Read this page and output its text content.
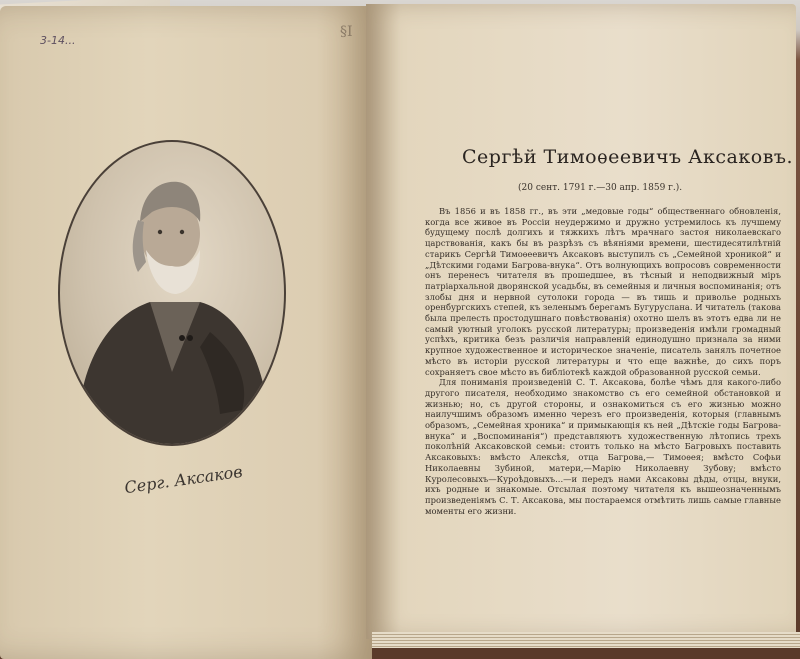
3-14...
§I
Серг. Аксаков
Сергѣй Тимоѳеевичъ Аксаковъ.
(20 сент. 1791 г.—30 апр. 1859 г.).

Въ 1856 и въ 1858 гг., въ эти „медовые годы“ общественнаго обновленія, когда все живое въ Россіи неудержимо и дружно устремилось къ лучшему будущему послѣ долгихъ и тяжкихъ лѣтъ мрачнаго застоя николаевскаго царствованія, какъ бы въ разрѣзъ съ вѣяніями времени, шестидесятилѣтній старикъ Сергѣй Тимоѳеевичъ Аксаковъ выступилъ съ „Семейной хроникой“ и „Дѣтскими годами Багрова-внука“. Отъ волнующихъ вопросовъ современности онъ перенесъ читателя въ прошедшее, въ тѣсный и неподвижный міръ патріархальной дворянской усадьбы, въ семейныя и личныя воспоминанія; отъ злобы дня и нервной сутолоки города — въ тишь и приволье родныхъ оренбургскихъ степей, къ зеленымъ берегамъ Бугуруслана. И читатель (такова была прелесть простодушнаго повѣствованія) охотно шелъ въ этотъ едва ли не самый уютный уголокъ русской литературы; произведенія имѣли громадный успѣхъ, критика безъ различія направленій единодушно признала за ними крупное художественное и историческое значеніе, писатель занялъ почетное мѣсто въ исторіи русской литературы и что еще важнѣе, до сихъ поръ сохраняетъ свое мѣсто въ библіотекѣ каждой образованной русской семьи.

Для пониманія произведеній С. Т. Аксакова, болѣе чѣмъ для какого-либо другого писателя, необходимо знакомство съ его семейной обстановкой и жизнью; но, съ другой стороны, и ознакомиться съ его жизнью можно наилучшимъ образомъ именно черезъ его произведенія, которыя (главнымъ образомъ, „Семейная хроника“ и примыкающія къ ней „Дѣтскіе годы Багрова-внука“ и „Воспоминанія“) представляютъ художественную лѣтопись трехъ поколѣній Аксаковской семьи: стоитъ только на мѣсто Багровыхъ поставить Аксаковыхъ: вмѣсто Алексѣя, отца Багрова,— Тимоѳея; вмѣсто Софьи Николаевны Зубиной, матери,—Марію Николаевну Зубову; вмѣсто Куролесовыхъ—Куроѣдовыхъ...—и передъ нами Аксаковы дѣды, отцы, внуки, ихъ родные и знакомые. Отсылая поэтому читателя къ вышеозначеннымъ произведеніямъ С. Т. Аксакова, мы постараемся отмѣтить лишь самые главные моменты его жизни.
